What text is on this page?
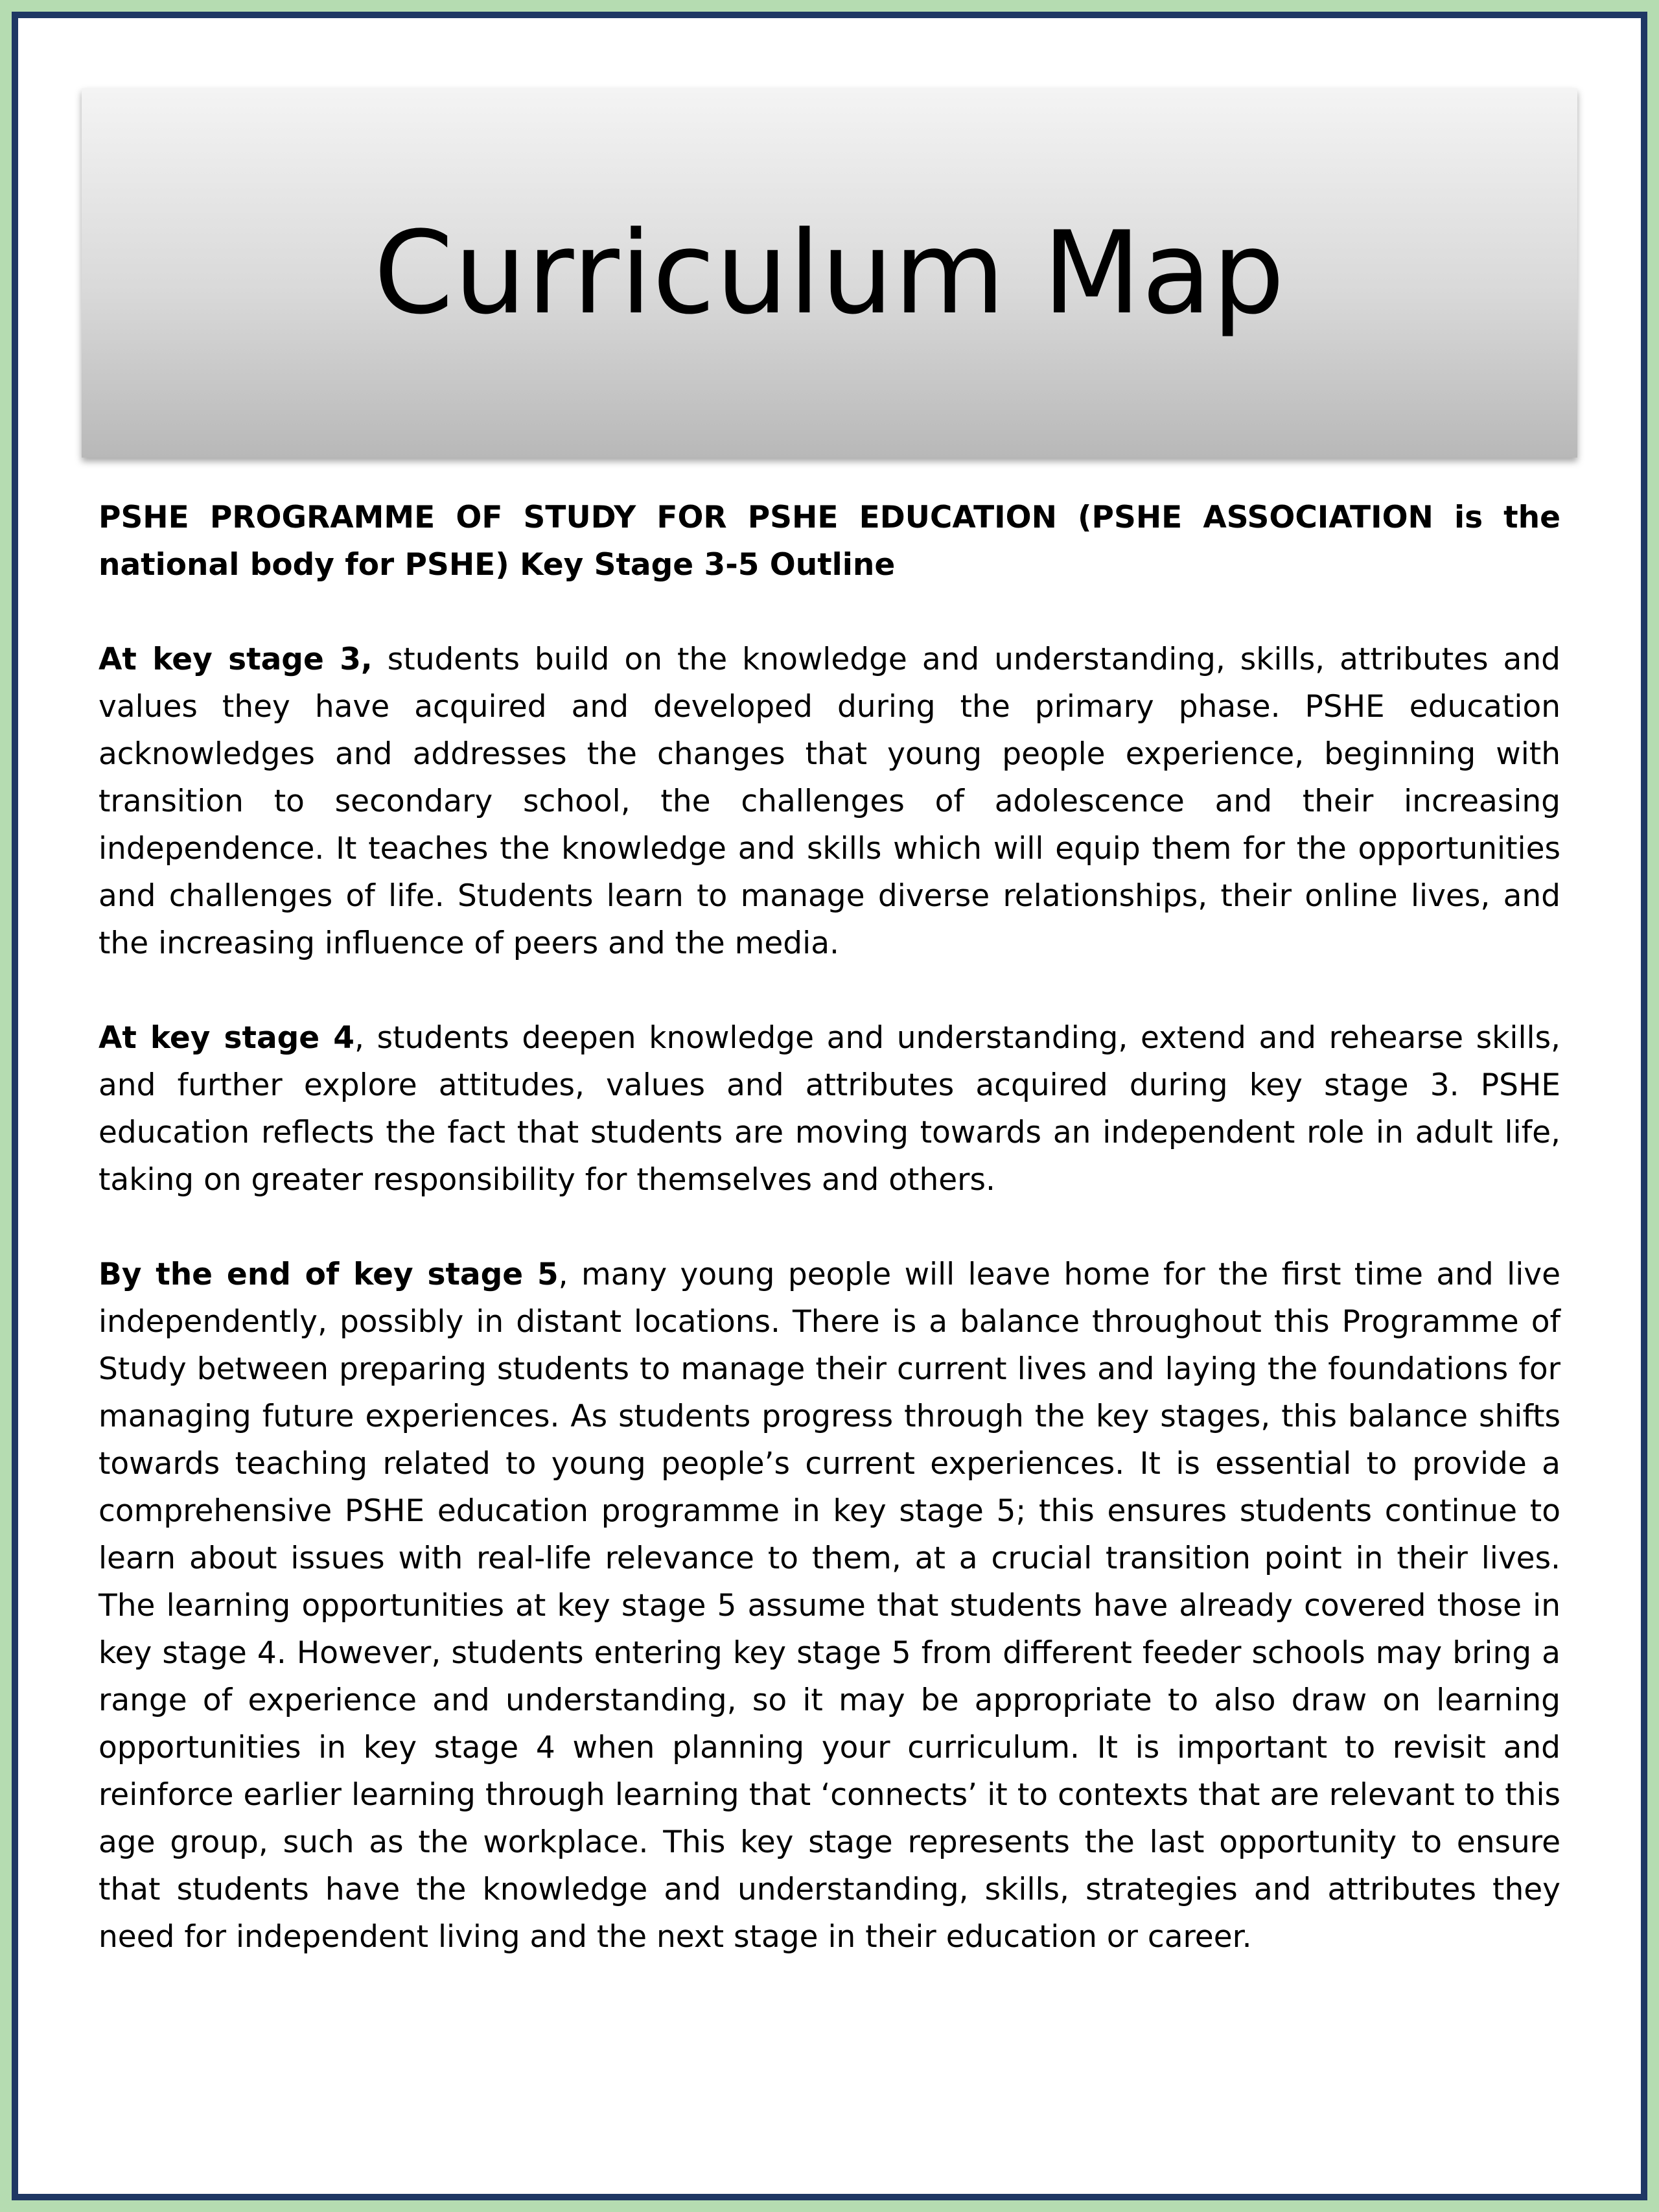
Curriculum Map

PSHE PROGRAMME OF STUDY FOR PSHE EDUCATION (PSHE ASSOCIATION is the national body for PSHE) Key Stage 3-5 Outline

At key stage 3, students build on the knowledge and understanding, skills, attributes and values they have acquired and developed during the primary phase. PSHE education acknowledges and addresses the changes that young people experience, beginning with transition to secondary school, the challenges of adolescence and their increasing independence. It teaches the knowledge and skills which will equip them for the opportunities and challenges of life. Students learn to manage diverse relationships, their online lives, and the increasing influence of peers and the media.

At key stage 4, students deepen knowledge and understanding, extend and rehearse skills, and further explore attitudes, values and attributes acquired during key stage 3. PSHE education reflects the fact that students are moving towards an independent role in adult life, taking on greater responsibility for themselves and others.

By the end of key stage 5, many young people will leave home for the first time and live independently, possibly in distant locations. There is a balance throughout this Programme of Study between preparing students to manage their current lives and laying the foundations for managing future experiences. As students progress through the key stages, this balance shifts towards teaching related to young people’s current experiences. It is essential to provide a comprehensive PSHE education programme in key stage 5; this ensures students continue to learn about issues with real-life relevance to them, at a crucial transition point in their lives. The learning opportunities at key stage 5 assume that students have already covered those in key stage 4. However, students entering key stage 5 from different feeder schools may bring a range of experience and understanding, so it may be appropriate to also draw on learning opportunities in key stage 4 when planning your curriculum. It is important to revisit and reinforce earlier learning through learning that ‘connects’ it to contexts that are relevant to this age group, such as the workplace. This key stage represents the last opportunity to ensure that students have the knowledge and understanding, skills, strategies and attributes they need for independent living and the next stage in their education or career.
